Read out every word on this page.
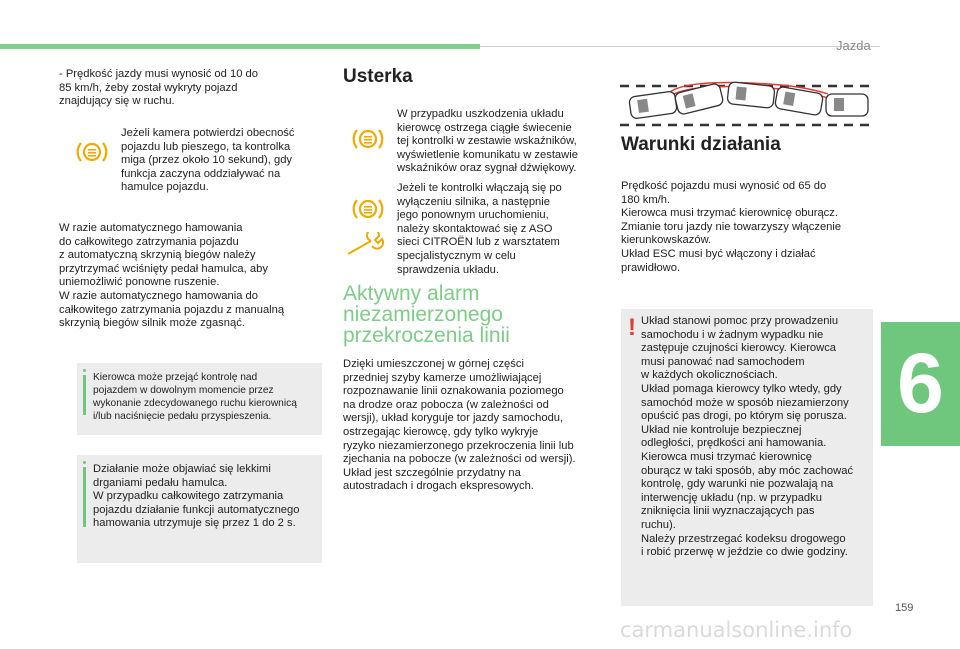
Jazda
- Prędkość jazdy musi wynosić od 10 do
85 km/h, żeby został wykryty pojazd
znajdujący się w ruchu.
Jeżeli kamera potwierdzi obecność
pojazdu lub pieszego, ta kontrolka
miga (przez około 10 sekund), gdy
funkcja zaczyna oddziaływać na
hamulce pojazdu.
W razie automatycznego hamowania
do całkowitego zatrzymania pojazdu
z automatyczną skrzynią biegów należy
przytrzymać wciśnięty pedał hamulca, aby
uniemożliwić ponowne ruszenie.
W razie automatycznego hamowania do
całkowitego zatrzymania pojazdu z manualną
skrzynią biegów silnik może zgasnąć.
Kierowca może przejąć kontrolę nad
pojazdem w dowolnym momencie przez
wykonanie zdecydowanego ruchu kierownicą
i/lub naciśnięcie pedału przyspieszenia.
Działanie może objawiać się lekkimi
drganiami pedału hamulca.
W przypadku całkowitego zatrzymania
pojazdu działanie funkcji automatycznego
hamowania utrzymuje się przez 1 do 2 s.
Usterka
W przypadku uszkodzenia układu
kierowcę ostrzega ciągłe świecenie
tej kontrolki w zestawie wskaźników,
wyświetlenie komunikatu w zestawie
wskaźników oraz sygnał dźwiękowy.
Jeżeli te kontrolki włączają się po
wyłączeniu silnika, a następnie
jego ponownym uruchomieniu,
należy skontaktować się z ASO
sieci CITROËN lub z warsztatem
specjalistycznym w celu
sprawdzenia układu.
Aktywny alarm
niezamierzonego
przekroczenia linii
Dzięki umieszczonej w górnej części
przedniej szyby kamerze umożliwiającej
rozpoznawanie linii oznakowania poziomego
na drodze oraz pobocza (w zależności od
wersji), układ koryguje tor jazdy samochodu,
ostrzegając kierowcę, gdy tylko wykryje
ryzyko niezamierzonego przekroczenia linii lub
zjechania na pobocze (w zależności od wersji).
Układ jest szczególnie przydatny na
autostradach i drogach ekspresowych.
Warunki działania
Prędkość pojazdu musi wynosić od 65 do
180 km/h.
Kierowca musi trzymać kierownicę oburącz.
Zmianie toru jazdy nie towarzyszy włączenie
kierunkowskazów.
Układ ESC musi być włączony i działać
prawidłowo.
! Układ stanowi pomoc przy prowadzeniu
samochodu i w żadnym wypadku nie
zastępuje czujności kierowcy. Kierowca
musi panować nad samochodem
w każdych okolicznościach.
Układ pomaga kierowcy tylko wtedy, gdy
samochód może w sposób niezamierzony
opuścić pas drogi, po którym się porusza.
Układ nie kontroluje bezpiecznej
odległości, prędkości ani hamowania.
Kierowca musi trzymać kierownicę
oburącz w taki sposób, aby móc zachować
kontrolę, gdy warunki nie pozwalają na
interwencję układu (np. w przypadku
zniknięcia linii wyznaczających pas
ruchu).
Należy przestrzegać kodeksu drogowego
i robić przerwę w jeździe co dwie godziny.
6
159
carmanualsonline.info
